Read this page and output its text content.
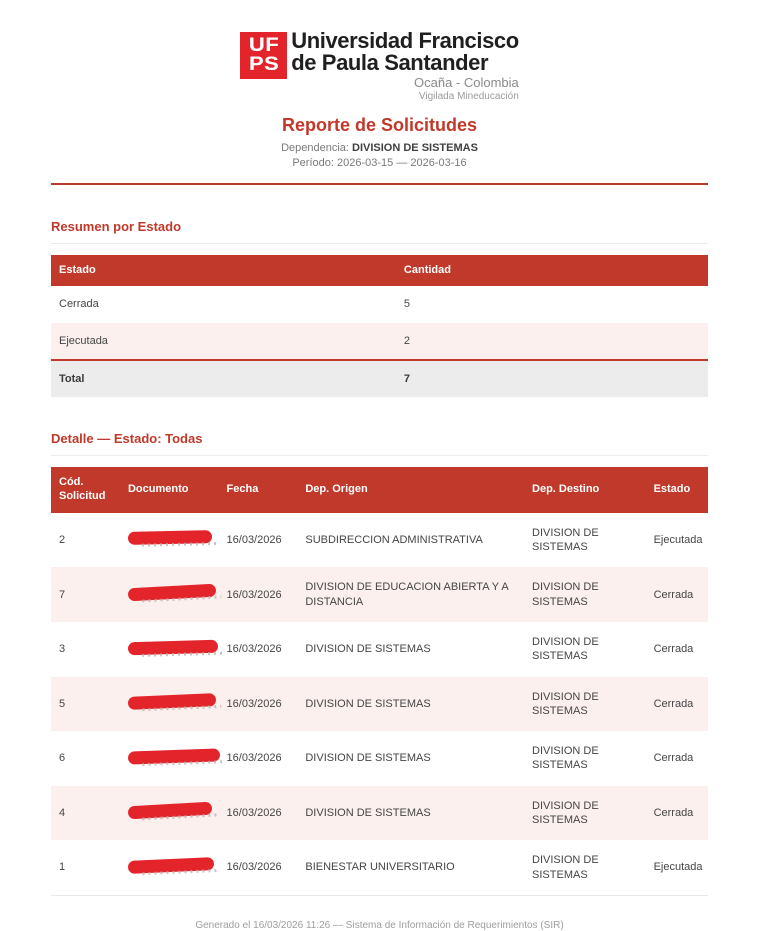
UF
PS
Universidad Francisco
de Paula Santander
Ocaña - Colombia
Vigilada Mineducación
Reporte de Solicitudes

Dependencia: DIVISION DE SISTEMAS

Período: 2026-03-15 — 2026-03-16

Resumen por Estado
Estado	Cantidad
Cerrada	5
Ejecutada	2
Total	7
Detalle — Estado: Todas
Cód. Solicitud	Documento	Fecha	Dep. Origen	Dep. Destino	Estado
2		16/03/2026	SUBDIRECCION ADMINISTRATIVA	DIVISION DE SISTEMAS	Ejecutada
7		16/03/2026	DIVISION DE EDUCACION ABIERTA Y A DISTANCIA	DIVISION DE SISTEMAS	Cerrada
3		16/03/2026	DIVISION DE SISTEMAS	DIVISION DE SISTEMAS	Cerrada
5		16/03/2026	DIVISION DE SISTEMAS	DIVISION DE SISTEMAS	Cerrada
6		16/03/2026	DIVISION DE SISTEMAS	DIVISION DE SISTEMAS	Cerrada
4		16/03/2026	DIVISION DE SISTEMAS	DIVISION DE SISTEMAS	Cerrada
1		16/03/2026	BIENESTAR UNIVERSITARIO	DIVISION DE SISTEMAS	Ejecutada

Generado el 16/03/2026 11:26 — Sistema de Información de Requerimientos (SIR)
